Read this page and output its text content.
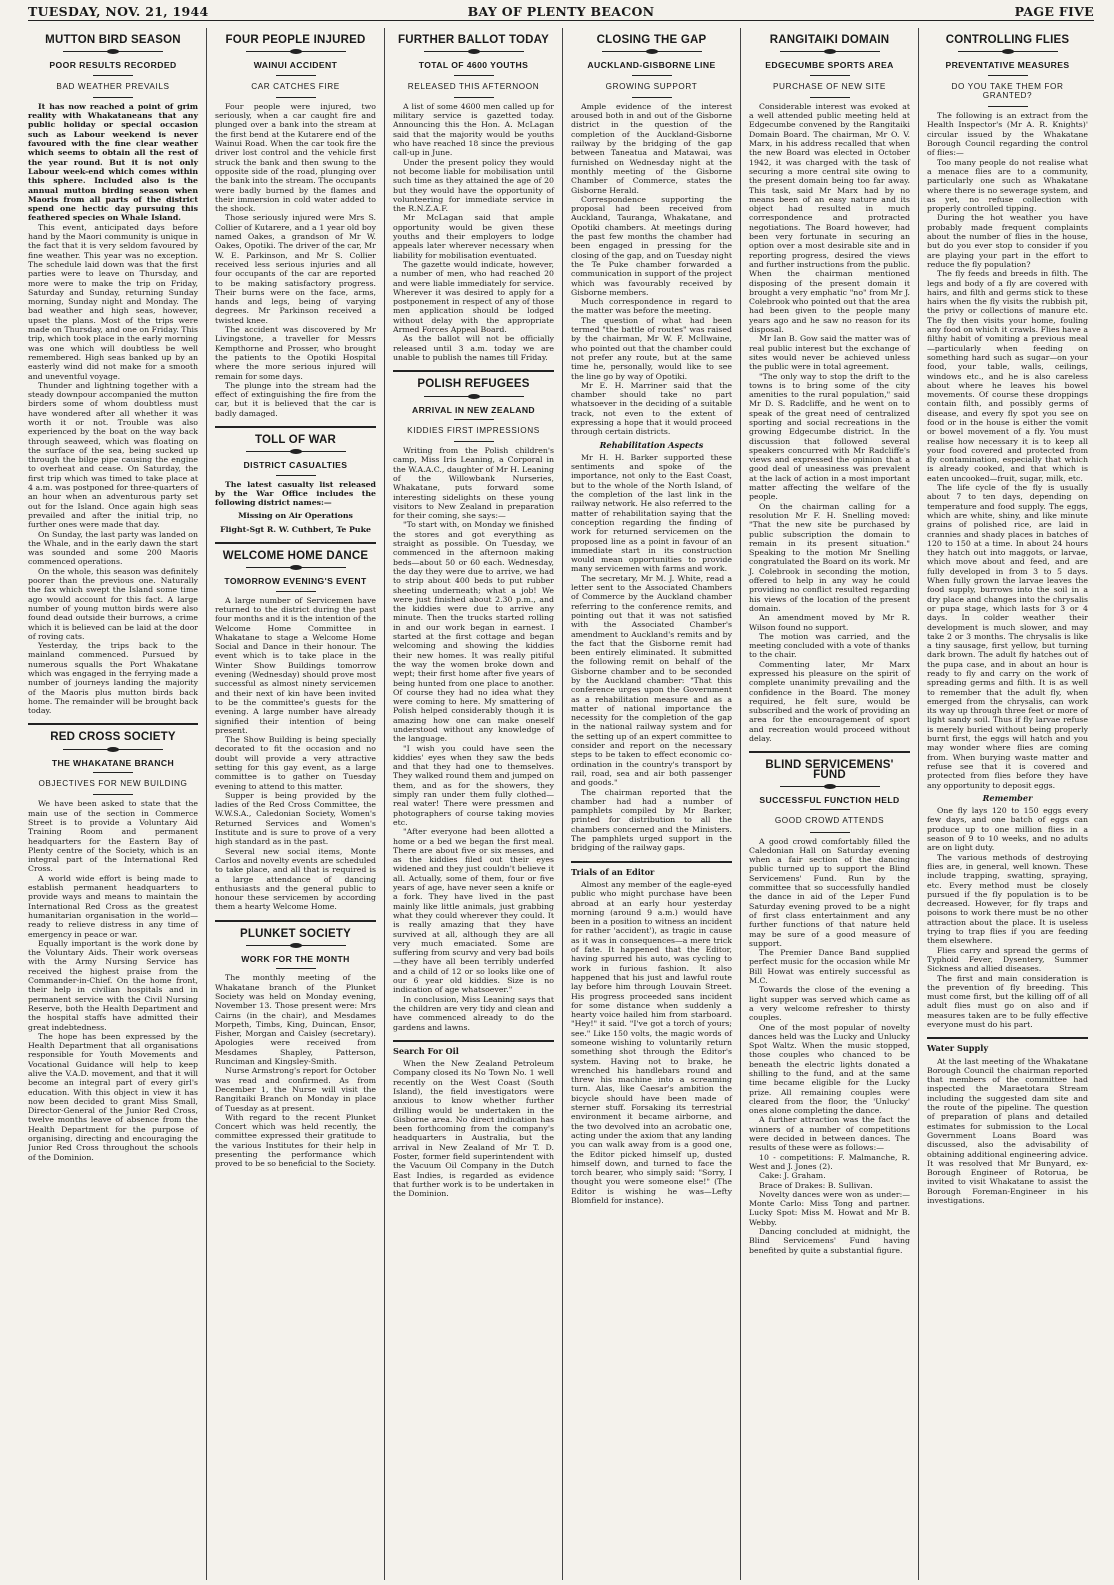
TUESDAY, NOV. 21, 1944	BAY OF PLENTY BEACON	PAGE FIVE
MUTTON BIRD SEASON
POOR RESULTS RECORDED
BAD WEATHER PREVAILS

It has now reached a point of grim reality with Whakataneans that any public holiday or special occasion such as Labour weekend is never favoured with the fine clear weather which seems to obtain all the rest of the year round. But it is not only Labour week-end which comes within this sphere. Included also is the annual mutton birding season when Maoris from all parts of the district spend one hectic day pursuing this feathered species on Whale Island.

This event, anticipated days before hand by the Maori community is unique in the fact that it is very seldom favoured by fine weather. This year was no exception. The schedule laid down was that the first parties were to leave on Thursday, and more were to make the trip on Friday, Saturday and Sunday, returning Sunday morning, Sunday night and Monday. The bad weather and high seas, however, upset the plans. Most of the trips were made on Thursday, and one on Friday. This trip, which took place in the early morning was one which will doubtless be well remembered. High seas banked up by an easterly wind did not make for a smooth and uneventful voyage.

Thunder and lightning together with a steady downpour accompanied the mutton birders some of whom doubtless must have wondered after all whether it was worth it or not. Trouble was also experienced by the boat on the way back through seaweed, which was floating on the surface of the sea, being sucked up through the bilge pipe causing the engine to overheat and cease. On Saturday, the first trip which was timed to take place at 4 a.m. was postponed for three-quarters of an hour when an adventurous party set out for the Island. Once again high seas prevailed and after the initial trip, no further ones were made that day.

On Sunday, the last party was landed on the Whale, and in the early dawn the start was sounded and some 200 Maoris commenced operations.

On the whole, this season was definitely poorer than the previous one. Naturally the fax which swept the Island some time ago would account for this fact. A large number of young mutton birds were also found dead outside their burrows, a crime which it is believed can be laid at the door of roving cats.

Yesterday, the trips back to the mainland commenced. Pursued by numerous squalls the Port Whakatane which was engaged in the ferrying made a number of journeys landing the majority of the Maoris plus mutton birds back home. The remainder will be brought back today.

RED CROSS SOCIETY
THE WHAKATANE BRANCH
OBJECTIVES FOR NEW BUILDING

We have been asked to state that the main use of the section in Commerce Street is to provide a Voluntary Aid Training Room and permanent headquarters for the Eastern Bay of Plenty centre of the Society, which is an integral part of the International Red Cross.

A world wide effort is being made to establish permanent headquarters to provide ways and means to maintain the International Red Cross as the greatest humanitarian organisation in the world—ready to relieve distress in any time of emergency in peace or war.

Equally important is the work done by the Voluntary Aids. Their work overseas with the Army Nursing Service has received the highest praise from the Commander-in-Chief. On the home front, their help in civilian hospitals and in permanent service with the Civil Nursing Reserve, both the Health Department and the hospital staffs have admitted their great indebtedness.

The hope has been expressed by the Health Department that all organisations responsible for Youth Movements and Vocational Guidance will help to keep alive the V.A.D. movement, and that it will become an integral part of every girl's education. With this object in view it has now been decided to grant Miss Small, Director-General of the Junior Red Cross, twelve months leave of absence from the Health Department for the purpose of organising, directing and encouraging the Junior Red Cross throughout the schools of the Dominion.

FOUR PEOPLE INJURED
WAINUI ACCIDENT
CAR CATCHES FIRE

Four people were injured, two seriously, when a car caught fire and plunged over a bank into the stream at the first bend at the Kutarere end of the Wainui Road. When the car took fire the driver lost control and the vehicle first struck the bank and then swung to the opposite side of the road, plunging over the bank into the stream. The occupants were badly burned by the flames and their immersion in cold water added to the shock.

Those seriously injured were Mrs S. Collier of Kutarere, and a 1 year old boy named Oakes, a grandson of Mr W. Oakes, Opotiki. The driver of the car, Mr W. E. Parkinson, and Mr S. Collier received less serious injuries and all four occupants of the car are reported to be making satisfactory progress. Their burns were on the face, arms, hands and legs, being of varying degrees. Mr Parkinson received a twisted knee.

The accident was discovered by Mr Livingstone, a traveller for Messrs Kempthorne and Prosser, who brought the patients to the Opotiki Hospital where the more serious injured will remain for some days.

The plunge into the stream had the effect of extinguishing the fire from the car, but it is believed that the car is badly damaged.

TOLL OF WAR
DISTRICT CASUALTIES

The latest casualty list released by the War Office includes the following district names:—

Missing on Air Operations
Flight-Sgt R. W. Cuthbert, Te Puke
WELCOME HOME DANCE
TOMORROW EVENING'S EVENT

A large number of Servicemen have returned to the district during the past four months and it is the intention of the Welcome Home Committee in Whakatane to stage a Welcome Home Social and Dance in their honour. The event which is to take place in the Winter Show Buildings tomorrow evening (Wednesday) should prove most successful as almost ninety servicemen and their next of kin have been invited to be the committee's guests for the evening. A large number have already signified their intention of being present.

The Show Building is being specially decorated to fit the occasion and no doubt will provide a very attractive setting for this gay event, as a large committee is to gather on Tuesday evening to attend to this matter.

Supper is being provided by the ladies of the Red Cross Committee, the W.W.S.A., Caledonian Society, Women's Returned Services and Women's Institute and is sure to prove of a very high standard as in the past.

Several new social items, Monte Carlos and novelty events are scheduled to take place, and all that is required is a large attendance of dancing enthusiasts and the general public to honour these servicemen by according them a hearty Welcome Home.

PLUNKET SOCIETY
WORK FOR THE MONTH

The monthly meeting of the Whakatane branch of the Plunket Society was held on Monday evening, November 13. Those present were: Mrs Cairns (in the chair), and Mesdames Morpeth, Timbs, King, Duincan, Ensor, Fisher, Morgan and Caisley (secretary). Apologies were received from Mesdames Shapley, Patterson, Runciman and Kingsley-Smith.

Nurse Armstrong's report for October was read and confirmed. As from December 1, the Nurse will visit the Rangitaiki Branch on Monday in place of Tuesday as at present.

With regard to the recent Plunket Concert which was held recently, the committee expressed their gratitude to the various Institutes for their help in presenting the performance which proved to be so beneficial to the Society.

FURTHER BALLOT TODAY
TOTAL OF 4600 YOUTHS
RELEASED THIS AFTERNOON

A list of some 4600 men called up for military service is gazetted today. Announcing this the Hon. A. McLagan said that the majority would be youths who have reached 18 since the previous call-up in June.

Under the present policy they would not become liable for mobilisation until such time as they attained the age of 20 but they would have the opportunity of volunteering for immediate service in the R.N.Z.A.F.

Mr McLagan said that ample opportunity would be given these youths and their employers to lodge appeals later wherever necessary when liability for mobilisation eventuated.

The gazette would indicate, however, a number of men, who had reached 20 and were liable immediately for service. Wherever it was desired to apply for a postponement in respect of any of those men application should be lodged without delay with the appropriate Armed Forces Appeal Board.

As the ballot will not be officially released until 3 a.m. today we are unable to publish the names till Friday.

POLISH REFUGEES
ARRIVAL IN NEW ZEALAND
KIDDIES FIRST IMPRESSIONS

Writing from the Polish children's camp, Miss Iris Leaning, a Corporal in the W.A.A.C., daughter of Mr H. Leaning of the Willowbank Nurseries, Whakatane, puts forward some interesting sidelights on these young visitors to New Zealand in preparation for their coming, she says:—

"To start with, on Monday we finished the stores and got everything as straight as possible. On Tuesday, we commenced in the afternoon making beds—about 50 or 60 each. Wednesday, the day they were due to arrive, we had to strip about 400 beds to put rubber sheeting underneath; what a job! We were just finished about 2.30 p.m., and the kiddies were due to arrive any minute. Then the trucks started rolling in and our work began in earnest. I started at the first cottage and began welcoming and showing the kiddies their new homes. It was really pitiful the way the women broke down and wept; their first home after five years of being hunted from one place to another. Of course they had no idea what they were coming to here. My smattering of Polish helped considerably though it is amazing how one can make oneself understood without any knowledge of the language.

"I wish you could have seen the kiddies' eyes when they saw the beds and that they had one to themselves. They walked round them and jumped on them, and as for the showers, they simply ran under them fully clothed—real water! There were pressmen and photographers of course taking movies etc.

"After everyone had been allotted a home or a bed we began the first meal. There are about five or six messes, and as the kiddies filed out their eyes widened and they just couldn't believe it all. Actually, some of them, four or five years of age, have never seen a knife or a fork. They have lived in the past mainly like little animals, just grabbing what they could wherever they could. It is really amazing that they have survived at all, although they are all very much emaciated. Some are suffering from scurvy and very bad boils—they have all been terribly underfed and a child of 12 or so looks like one of our 6 year old kiddies. Size is no indication of age whatsoever."

In conclusion, Miss Leaning says that the children are very tidy and clean and have commenced already to do the gardens and lawns.

Search For Oil

When the New Zealand Petroleum Company closed its No Town No. 1 well recently on the West Coast (South Island), the field investigators were anxious to know whether further drilling would be undertaken in the Gisborne area. No direct indication has been forthcoming from the company's headquarters in Australia, but the arrival in New Zealand of Mr T. D. Foster, former field superintendent with the Vacuum Oil Company in the Dutch East Indies, is regarded as evidence that further work is to be undertaken in the Dominion.

CLOSING THE GAP
AUCKLAND-GISBORNE LINE
GROWING SUPPORT

Ample evidence of the interest aroused both in and out of the Gisborne district in the question of the completion of the Auckland-Gisborne railway by the bridging of the gap between Taneatua and Matawai, was furnished on Wednesday night at the monthly meeting of the Gisborne Chamber of Commerce, states the Gisborne Herald.

Correspondence supporting the proposal had been received from Auckland, Tauranga, Whakatane, and Opotiki chambers. At meetings during the past few months the chamber had been engaged in pressing for the closing of the gap, and on Tuesday night the Te Puke chamber forwarded a communication in support of the project which was favourably received by Gisborne members.

Much correspondence in regard to the matter was before the meeting.

The question of what had been termed "the battle of routes" was raised by the chairman, Mr W. F. McIlwaine, who pointed out that the chamber could not prefer any route, but at the same time he, personally, would like to see the line go by way of Opotiki.

Mr E. H. Marriner said that the chamber should take no part whatsoever in the deciding of a suitable track, not even to the extent of expressing a hope that it would proceed through certain districts.

Rehabilitation Aspects

Mr H. H. Barker supported these sentiments and spoke of the importance, not only to the East Coast, but to the whole of the North Island, of the completion of the last link in the railway network. He also referred to the matter of rehabilitation saying that the conception regarding the finding of work for returned servicemen on the proposed line as a point in favour of an immediate start in its construction would mean opportunities to provide many servicemen with farms and work.

The secretary, Mr M. J. White, read a letter sent to the Associated Chambers of Commerce by the Auckland chamber referring to the conference remits, and pointing out that it was not satisfied with the Associated Chamber's amendment to Auckland's remits and by the fact that the Gisborne remit had been entirely eliminated. It submitted the following remit on behalf of the Gisborne chamber and to be seconded by the Auckland chamber: "That this conference urges upon the Government as a rehabilitation measure and as a matter of national importance the necessity for the completion of the gap in the national railway system and for the setting up of an expert committee to consider and report on the necessary steps to be taken to effect economic co-ordination in the country's transport by rail, road, sea and air both passenger and goods."

The chairman reported that the chamber had had a number of pamphlets compiled by Mr Barker, printed for distribution to all the chambers concerned and the Ministers. The pamphlets urged support in the bridging of the railway gaps.

Trials of an Editor

Almost any member of the eagle-eyed public who might purchase have been abroad at an early hour yesterday morning (around 9 a.m.) would have been in a position to witness an incident for rather 'accident'), as tragic in cause as it was in consequences—a mere trick of fate. It happened that the Editor, having spurred his auto, was cycling to work in furious fashion. It also happened that his just and lawful route lay before him through Louvain Street. His progress proceeded sans incident for some distance when suddenly a hearty voice hailed him from starboard. "Hey!" it said. "I've got a torch of yours; see." Like 150 volts, the magic words of someone wishing to voluntarily return something shot through the Editor's system. Having not to brake, he wrenched his handlebars round and threw his machine into a screaming turn. Alas, like Caesar's ambition the bicycle should have been made of sterner stuff. Forsaking its terrestrial environment it became airborne, and the two devolved into an acrobatic one, acting under the axiom that any landing you can walk away from is a good one, the Editor picked himself up, dusted himself down, and turned to face the torch bearer, who simply said: "Sorry, I thought you were someone else!" (The Editor is wishing he was—Lefty Blomfield for instance).

RANGITAIKI DOMAIN
EDGECUMBE SPORTS AREA
PURCHASE OF NEW SITE

Considerable interest was evoked at a well attended public meeting held at Edgecumbe convened by the Rangitaiki Domain Board. The chairman, Mr O. V. Marx, in his address recalled that when the new Board was elected in October 1942, it was charged with the task of securing a more central site owing to the present domain being too far away. This task, said Mr Marx had by no means been of an easy nature and its object had resulted in much correspondence and protracted negotiations. The Board however, had been very fortunate in securing an option over a most desirable site and in reporting progress, desired the views and further instructions from the public. When the chairman mentioned disposing of the present domain it brought a very emphatic "no" from Mr J. Colebrook who pointed out that the area had been given to the people many years ago and he saw no reason for its disposal.

Mr Ian B. Gow said the matter was of real public interest but the exchange of sites would never be achieved unless the public were in total agreement.

"The only way to stop the drift to the towns is to bring some of the city amenities to the rural population," said Mr D. S. Radcliffe, and he went on to speak of the great need of centralized sporting and social recreations in the growing Edgecumbe district. In the discussion that followed several speakers concurred with Mr Radcliffe's views and expressed the opinion that a good deal of uneasiness was prevalent at the lack of action in a most important matter affecting the welfare of the people.

On the chairman calling for a resolution Mr F. H. Snelling moved: "That the new site be purchased by public subscription the domain to remain in its present situation." Speaking to the motion Mr Snelling congratulated the Board on its work. Mr J. Colebrook in seconding the motion, offered to help in any way he could providing no conflict resulted regarding his views of the location of the present domain.

An amendment moved by Mr R. Wilson found no support.

The motion was carried, and the meeting concluded with a vote of thanks to the chair.

Commenting later, Mr Marx expressed his pleasure on the spirit of complete unanimity prevailing and the confidence in the Board. The money required, he felt sure, would be subscribed and the work of providing an area for the encouragement of sport and recreation would proceed without delay.

BLIND SERVICEMENS' FUND
SUCCESSFUL FUNCTION HELD
GOOD CROWD ATTENDS

A good crowd comfortably filled the Caledonian Hall on Saturday evening when a fair section of the dancing public turned up to support the Blind Servicemens' Fund. Run by the committee that so successfully handled the dance in aid of the Leper Fund Saturday evening proved to be a night of first class entertainment and any further functions of that nature held may be sure of a good measure of support.

The Premier Dance Band supplied perfect music for the occasion while Mr Bill Howat was entirely successful as M.C.

Towards the close of the evening a light supper was served which came as a very welcome refresher to thirsty couples.

One of the most popular of novelty dances held was the Lucky and Unlucky Spot Waltz. When the music stopped, those couples who chanced to be beneath the electric lights donated a shilling to the fund, and at the same time became eligible for the Lucky prize. All remaining couples were cleared from the floor, the 'Unlucky' ones alone completing the dance.

A further attraction was the fact the winners of a number of competitions were decided in between dances. The results of these were as follows:—

10 - competitions: F. Malmanche, R. West and J. Jones (2).

Cake: J. Graham.

Brace of Drakes: B. Sullivan.

Novelty dances were won as under:—Monte Carlo: Miss Tong and partner. Lucky Spot: Miss M. Howat and Mr B. Webby.

Dancing concluded at midnight, the Blind Servicemens' Fund having benefited by quite a substantial figure.

CONTROLLING FLIES
PREVENTATIVE MEASURES
DO YOU TAKE THEM FOR GRANTED?

The following is an extract from the Health Inspector's (Mr A. R. Knights)' circular issued by the Whakatane Borough Council regarding the control of flies:—

Too many people do not realise what a menace flies are to a community, particularly one such as Whakatane where there is no sewerage system, and as yet, no refuse collection with properly controlled tipping.

During the hot weather you have probably made frequent complaints about the number of flies in the house, but do you ever stop to consider if you are playing your part in the effort to reduce the fly population?

The fly feeds and breeds in filth. The legs and body of a fly are covered with hairs, and filth and germs stick to these hairs when the fly visits the rubbish pit, the privy or collections of manure etc. The fly then visits your home, fouling any food on which it crawls. Flies have a filthy habit of vomiting a previous meal—particularly when feeding on something hard such as sugar—on your food, your table, walls, ceilings, windows etc., and he is also careless about where he leaves his bowel movements. Of course these droppings contain filth, and possibly germs of disease, and every fly spot you see on food or in the house is either the vomit or bowel movement of a fly. You must realise how necessary it is to keep all your food covered and protected from fly contamination, especially that which is already cooked, and that which is eaten uncooked—fruit, sugar, milk, etc.

The life cycle of the fly is usually about 7 to ten days, depending on temperature and food supply. The eggs, which are white, shiny, and like minute grains of polished rice, are laid in crannies and shady places in batches of 120 to 150 at a time. In about 24 hours they hatch out into maggots, or larvae, which move about and feed, and are fully developed in from 3 to 5 days. When fully grown the larvae leaves the food supply, burrows into the soil in a dry place and changes into the chrysalis or pupa stage, which lasts for 3 or 4 days. In colder weather their development is much slower, and may take 2 or 3 months. The chrysalis is like a tiny sausage, first yellow, but turning dark brown. The adult fly hatches out of the pupa case, and in about an hour is ready to fly and carry on the work of spreading germs and filth. It is as well to remember that the adult fly, when emerged from the chrysalis, can work its way up through three feet or more of light sandy soil. Thus if fly larvae refuse is merely buried without being properly burnt first, the eggs will hatch and you may wonder where flies are coming from. When burying waste matter and refuse see that it is covered and protected from flies before they have any opportunity to deposit eggs.

Remember

One fly lays 120 to 150 eggs every few days, and one batch of eggs can produce up to one million flies in a season of 9 to 10 weeks, and no adults are on light duty.

The various methods of destroying flies are, in general, well known. These include trapping, swatting, spraying, etc. Every method must be closely pursued if the fly population is to be decreased. However, for fly traps and poisons to work there must be no other attraction about the place. It is useless trying to trap flies if you are feeding them elsewhere.

Flies carry and spread the germs of Typhoid Fever, Dysentery, Summer Sickness and allied diseases.

The first and main consideration is the prevention of fly breeding. This must come first, but the killing off of all adult flies must go on also and if measures taken are to be fully effective everyone must do his part.

Water Supply

At the last meeting of the Whakatane Borough Council the chairman reported that members of the committee had inspected the Maraetotara Stream including the suggested dam site and the route of the pipeline. The question of preparation of plans and detailed estimates for submission to the Local Government Loans Board was discussed, also the advisability of obtaining additional engineering advice. It was resolved that Mr Bunyard, ex-Borough Engineer of Rotorua, be invited to visit Whakatane to assist the Borough Foreman-Engineer in his investigations.
